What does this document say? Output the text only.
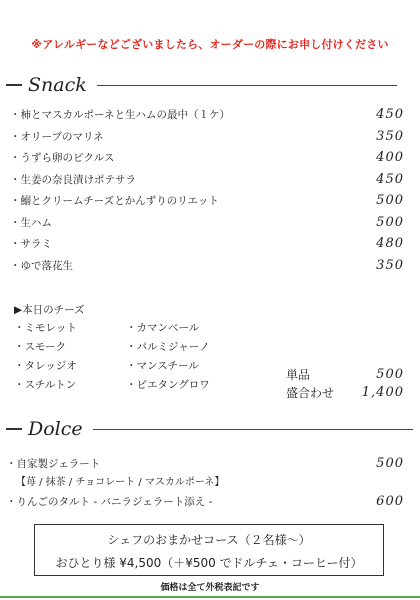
※アレルギーなどございましたら、オーダーの際にお申し付けください
Snack
・柿とマスカルポーネと生ハムの最中（１ケ）	450
・オリーブのマリネ	350
・うずら卵のピクルス	400
・生姜の奈良漬けポテサラ	450
・鰯とクリームチーズとかんずりのリエット	500
・生ハム	500
・サラミ	480
・ゆで落花生	350
▶本日のチーズ
・ミモレット
・スモーク
・タレッジオ
・スチルトン
・カマンベール
・パルミジャーノ
・マンスチール
・ピエタングロワ
単品	500
盛合わせ 1,400
Dolce
・自家製ジェラート	500
【苺 / 抹茶 / チョコレート / マスカルポーネ】
・りんごのタルト - バニラジェラート添え -	600
シェフのおまかせコース（２名様～）
おひとり様 ¥4,500（＋¥500 でドルチェ・コーヒー付）
価格は全て外税表記です
